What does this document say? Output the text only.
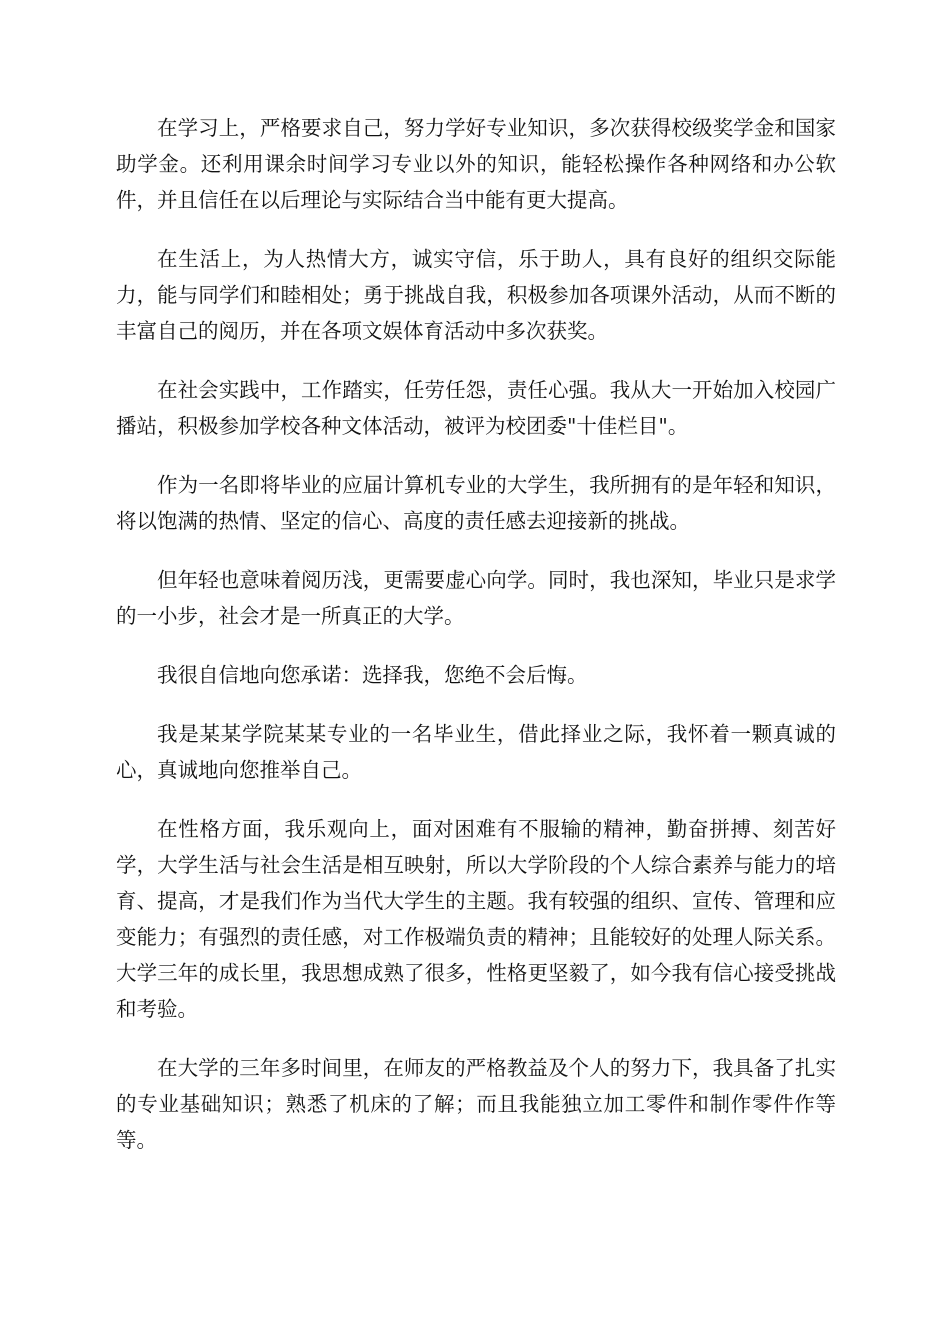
在学习上，严格要求自己，努力学好专业知识，多次获得校级奖学金和国家助学金。还利用课余时间学习专业以外的知识，能轻松操作各种网络和办公软件，并且信任在以后理论与实际结合当中能有更大提高。

在生活上，为人热情大方，诚实守信，乐于助人，具有良好的组织交际能力，能与同学们和睦相处；勇于挑战自我，积极参加各项课外活动，从而不断的丰富自己的阅历，并在各项文娱体育活动中多次获奖。

在社会实践中，工作踏实，任劳任怨，责任心强。我从大一开始加入校园广播站，积极参加学校各种文体活动，被评为校团委"十佳栏目"。

作为一名即将毕业的应届计算机专业的大学生，我所拥有的是年轻和知识，将以饱满的热情、坚定的信心、高度的责任感去迎接新的挑战。

但年轻也意味着阅历浅，更需要虚心向学。同时，我也深知，毕业只是求学的一小步，社会才是一所真正的大学。

我很自信地向您承诺：选择我，您绝不会后悔。

我是某某学院某某专业的一名毕业生，借此择业之际，我怀着一颗真诚的心，真诚地向您推举自己。

在性格方面，我乐观向上，面对困难有不服输的精神，勤奋拼搏、刻苦好学，大学生活与社会生活是相互映射，所以大学阶段的个人综合素养与能力的培育、提高，才是我们作为当代大学生的主题。我有较强的组织、宣传、管理和应变能力；有强烈的责任感，对工作极端负责的精神；且能较好的处理人际关系。大学三年的成长里，我思想成熟了很多，性格更坚毅了，如今我有信心接受挑战和考验。

在大学的三年多时间里，在师友的严格教益及个人的努力下，我具备了扎实的专业基础知识；熟悉了机床的了解；而且我能独立加工零件和制作零件作等等。
